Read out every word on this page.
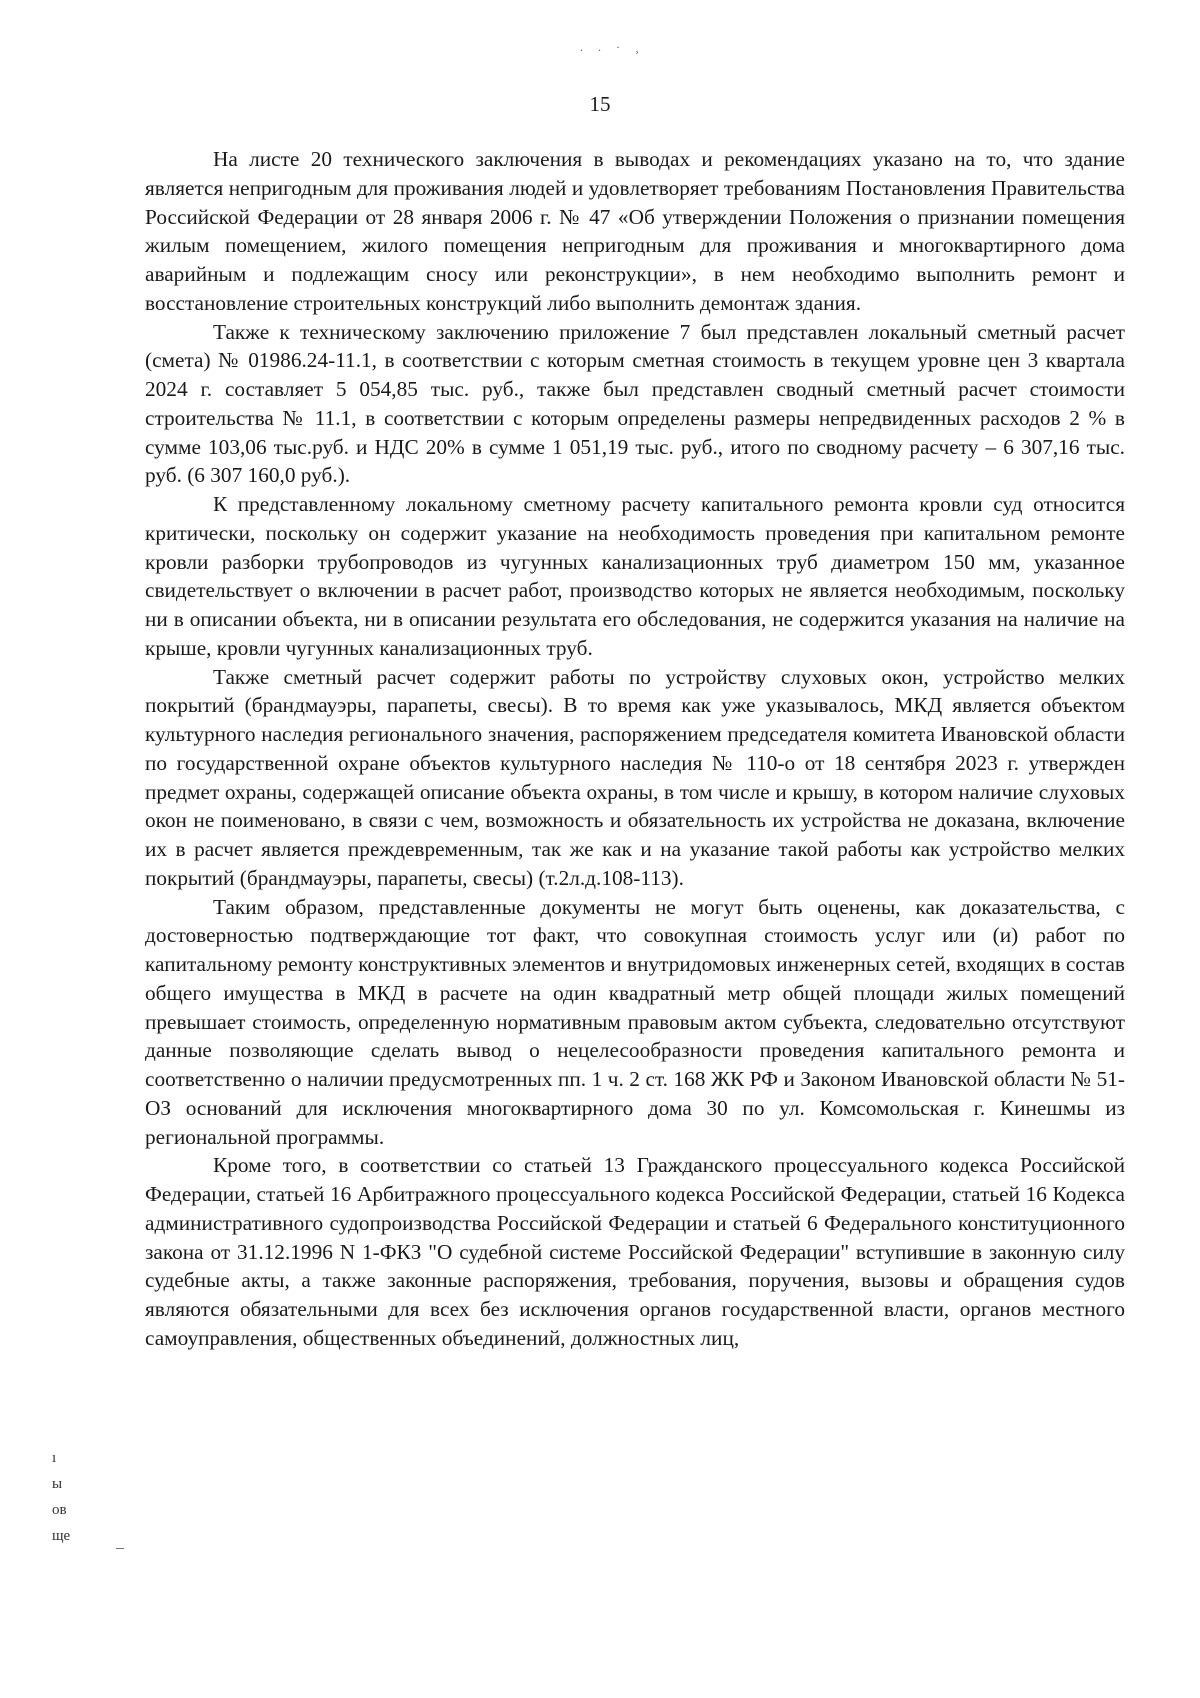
. . · ¸
15

На листе 20 технического заключения в выводах и рекомендациях указано на то, что здание является непригодным для проживания людей и удовлетворяет требованиям Постановления Правительства Российской Федерации от 28 января 2006 г. № 47 «Об утверждении Положения о признании помещения жилым помещением, жилого помещения непригодным для проживания и многоквартирного дома аварийным и подлежащим сносу или реконструкции», в нем необходимо выполнить ремонт и восстановление строительных конструкций либо выполнить демонтаж здания.

Также к техническому заключению приложение 7 был представлен локальный сметный расчет (смета) № 01986.24-11.1, в соответствии с которым сметная стоимость в текущем уровне цен 3 квартала 2024 г. составляет 5 054,85 тыс. руб., также был представлен сводный сметный расчет стоимости строительства № 11.1, в соответствии с которым определены размеры непредвиденных расходов 2 % в сумме 103,06 тыс.руб. и НДС 20% в сумме 1 051,19 тыс. руб., итого по сводному расчету – 6 307,16 тыс. руб. (6 307 160,0 руб.).

К представленному локальному сметному расчету капитального ремонта кровли суд относится критически, поскольку он содержит указание на необходимость проведения при капитальном ремонте кровли разборки трубопроводов из чугунных канализационных труб диаметром 150 мм, указанное свидетельствует о включении в расчет работ, производство которых не является необходимым, поскольку ни в описании объекта, ни в описании результата его обследования, не содержится указания на наличие на крыше, кровли чугунных канализационных труб.

Также сметный расчет содержит работы по устройству слуховых окон, устройство мелких покрытий (брандмауэры, парапеты, свесы). В то время как уже указывалось, МКД является объектом культурного наследия регионального значения, распоряжением председателя комитета Ивановской области по государственной охране объектов культурного наследия № 110-о от 18 сентября 2023 г. утвержден предмет охраны, содержащей описание объекта охраны, в том числе и крышу, в котором наличие слуховых окон не поименовано, в связи с чем, возможность и обязательность их устройства не доказана, включение их в расчет является преждевременным, так же как и на указание такой работы как устройство мелких покрытий (брандмауэры, парапеты, свесы) (т.2л.д.108-113).

Таким образом, представленные документы не могут быть оценены, как доказательства, с достоверностью подтверждающие тот факт, что совокупная стоимость услуг или (и) работ по капитальному ремонту конструктивных элементов и внутридомовых инженерных сетей, входящих в состав общего имущества в МКД в расчете на один квадратный метр общей площади жилых помещений превышает стоимость, определенную нормативным правовым актом субъекта, следовательно отсутствуют данные позволяющие сделать вывод о нецелесообразности проведения капитального ремонта и соответственно о наличии предусмотренных пп. 1 ч. 2 ст. 168 ЖК РФ и Законом Ивановской области № 51-ОЗ оснований для исключения многоквартирного дома 30 по ул. Комсомольская г. Кинешмы из региональной программы.

Кроме того, в соответствии со статьей 13 Гражданского процессуального кодекса Российской Федерации, статьей 16 Арбитражного процессуального кодекса Российской Федерации, статьей 16 Кодекса административного судопроизводства Российской Федерации и статьей 6 Федерального конституционного закона от 31.12.1996 N 1-ФКЗ "О судебной системе Российской Федерации" вступившие в законную силу судебные акты, а также законные распоряжения, требования, поручения, вызовы и обращения судов являются обязательными для всех без исключения органов государственной власти, органов местного самоуправления, общественных объединений, должностных лиц,

ı
ы
ов
ще
